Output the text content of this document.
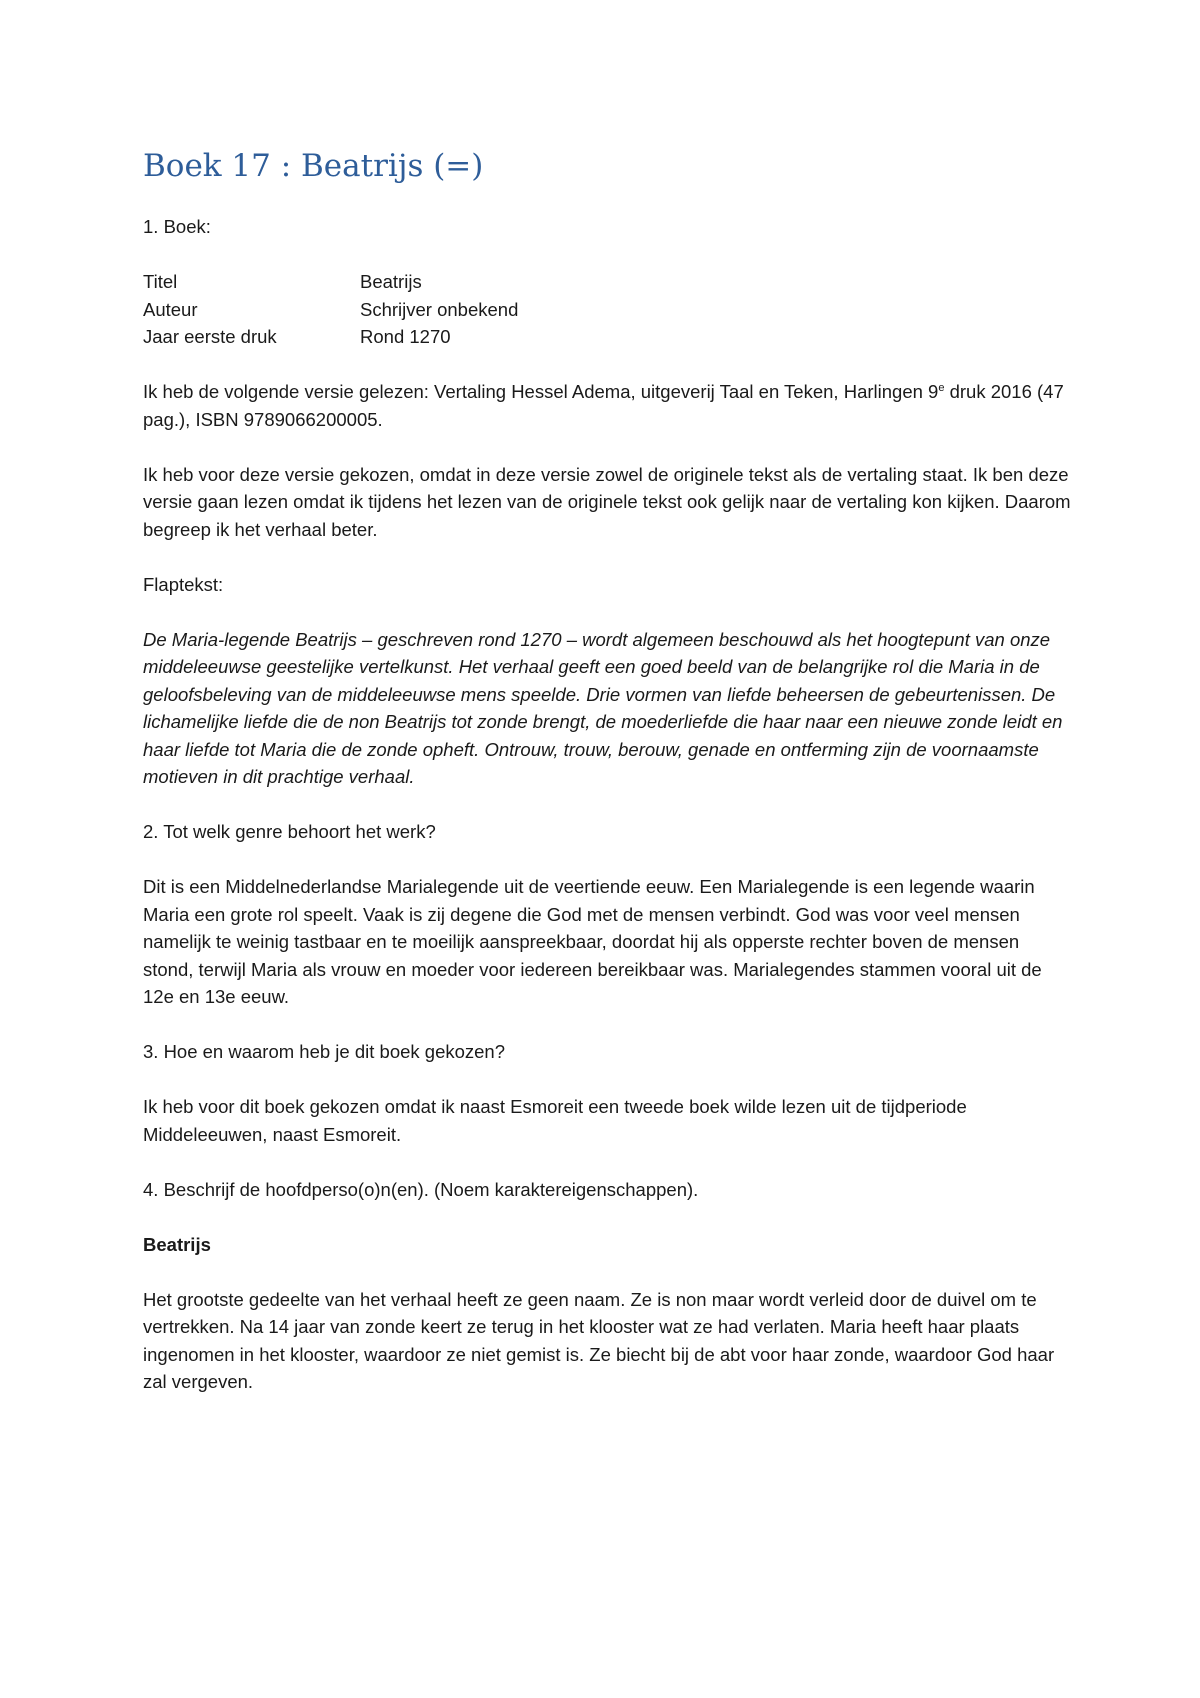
Boek 17 : Beatrijs (=)

1. Boek:

Titel	Beatrijs
Auteur	Schrijver onbekend
Jaar eerste druk	Rond 1270

Ik heb de volgende versie gelezen: Vertaling Hessel Adema, uitgeverij Taal en Teken, Harlingen 9e druk 2016 (47 pag.), ISBN 9789066200005.

Ik heb voor deze versie gekozen, omdat in deze versie zowel de originele tekst als de vertaling staat. Ik ben deze versie gaan lezen omdat ik tijdens het lezen van de originele tekst ook gelijk naar de vertaling kon kijken. Daarom begreep ik het verhaal beter.

Flaptekst:

De Maria-legende Beatrijs – geschreven rond 1270 – wordt algemeen beschouwd als het hoogtepunt van onze middeleeuwse geestelijke vertelkunst. Het verhaal geeft een goed beeld van de belangrijke rol die Maria in de geloofsbeleving van de middeleeuwse mens speelde. Drie vormen van liefde beheersen de gebeurtenissen. De lichamelijke liefde die de non Beatrijs tot zonde brengt, de moederliefde die haar naar een nieuwe zonde leidt en haar liefde tot Maria die de zonde opheft. Ontrouw, trouw, berouw, genade en ontferming zijn de voornaamste motieven in dit prachtige verhaal.

2. Tot welk genre behoort het werk?

Dit is een Middelnederlandse Marialegende uit de veertiende eeuw. Een Marialegende is een legende waarin Maria een grote rol speelt. Vaak is zij degene die God met de mensen verbindt. God was voor veel mensen namelijk te weinig tastbaar en te moeilijk aanspreekbaar, doordat hij als opperste rechter boven de mensen stond, terwijl Maria als vrouw en moeder voor iedereen bereikbaar was. Marialegendes stammen vooral uit de 12e en 13e eeuw.

3. Hoe en waarom heb je dit boek gekozen?

Ik heb voor dit boek gekozen omdat ik naast Esmoreit een tweede boek wilde lezen uit de tijdperiode Middeleeuwen, naast Esmoreit.

4. Beschrijf de hoofdperso(o)n(en). (Noem karaktereigenschappen).

Beatrijs

Het grootste gedeelte van het verhaal heeft ze geen naam. Ze is non maar wordt verleid door de duivel om te vertrekken. Na 14 jaar van zonde keert ze terug in het klooster wat ze had verlaten. Maria heeft haar plaats ingenomen in het klooster, waardoor ze niet gemist is. Ze biecht bij de abt voor haar zonde, waardoor God haar zal vergeven.
